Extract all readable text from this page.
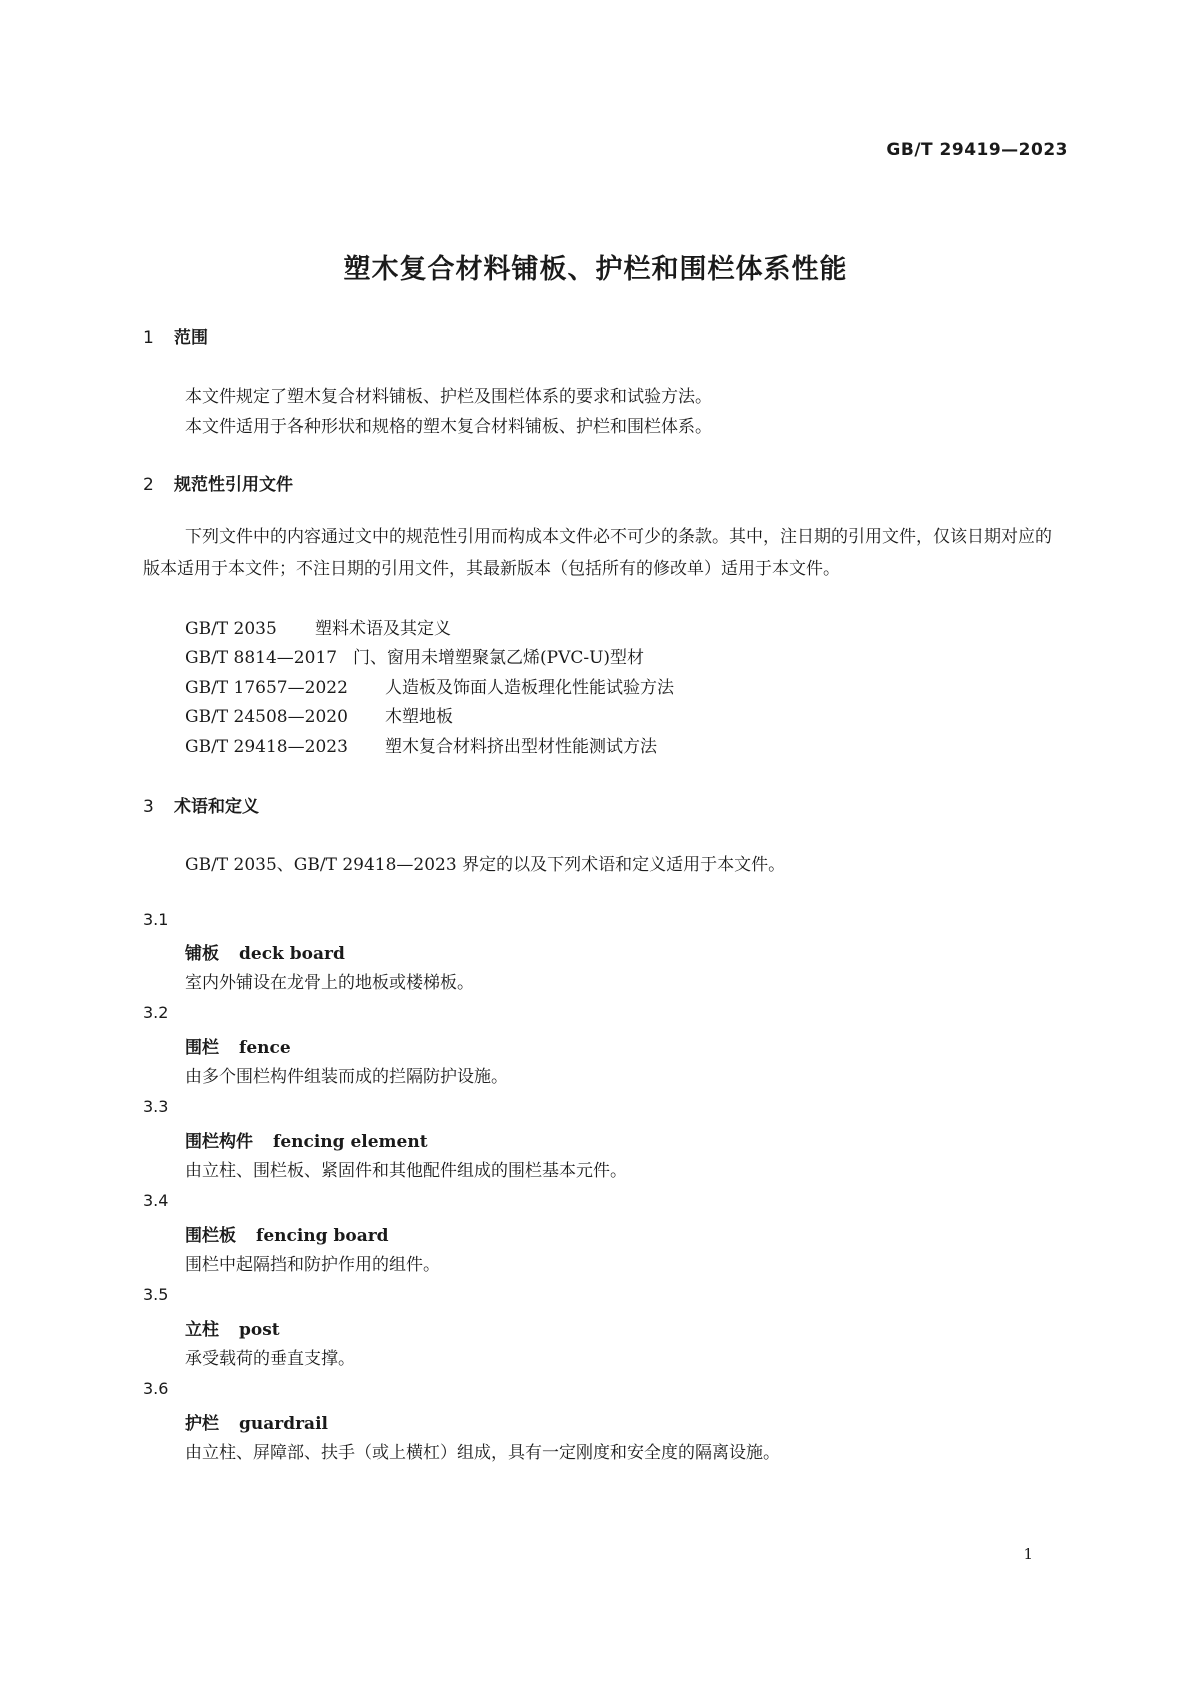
GB/T 29419—2023
塑木复合材料铺板、护栏和围栏体系性能
1 范围
本文件规定了塑木复合材料铺板、护栏及围栏体系的要求和试验方法。
本文件适用于各种形状和规格的塑木复合材料铺板、护栏和围栏体系。
2 规范性引用文件
下列文件中的内容通过文中的规范性引用而构成本文件必不可少的条款。其中，注日期的引用文件，仅该日期对应的版本适用于本文件；不注日期的引用文件，其最新版本（包括所有的修改单）适用于本文件。
GB/T 2035 塑料术语及其定义
GB/T 8814—2017 门、窗用未增塑聚氯乙烯(PVC-U)型材
GB/T 17657—2022 人造板及饰面人造板理化性能试验方法
GB/T 24508—2020 木塑地板
GB/T 29418—2023 塑木复合材料挤出型材性能测试方法
3 术语和定义
GB/T 2035、GB/T 29418—2023 界定的以及下列术语和定义适用于本文件。
3.1
铺板 deck board
室内外铺设在龙骨上的地板或楼梯板。
3.2
围栏 fence
由多个围栏构件组装而成的拦隔防护设施。
3.3
围栏构件 fencing element
由立柱、围栏板、紧固件和其他配件组成的围栏基本元件。
3.4
围栏板 fencing board
围栏中起隔挡和防护作用的组件。
3.5
立柱 post
承受载荷的垂直支撑。
3.6
护栏 guardrail
由立柱、屏障部、扶手（或上横杠）组成，具有一定刚度和安全度的隔离设施。
1
